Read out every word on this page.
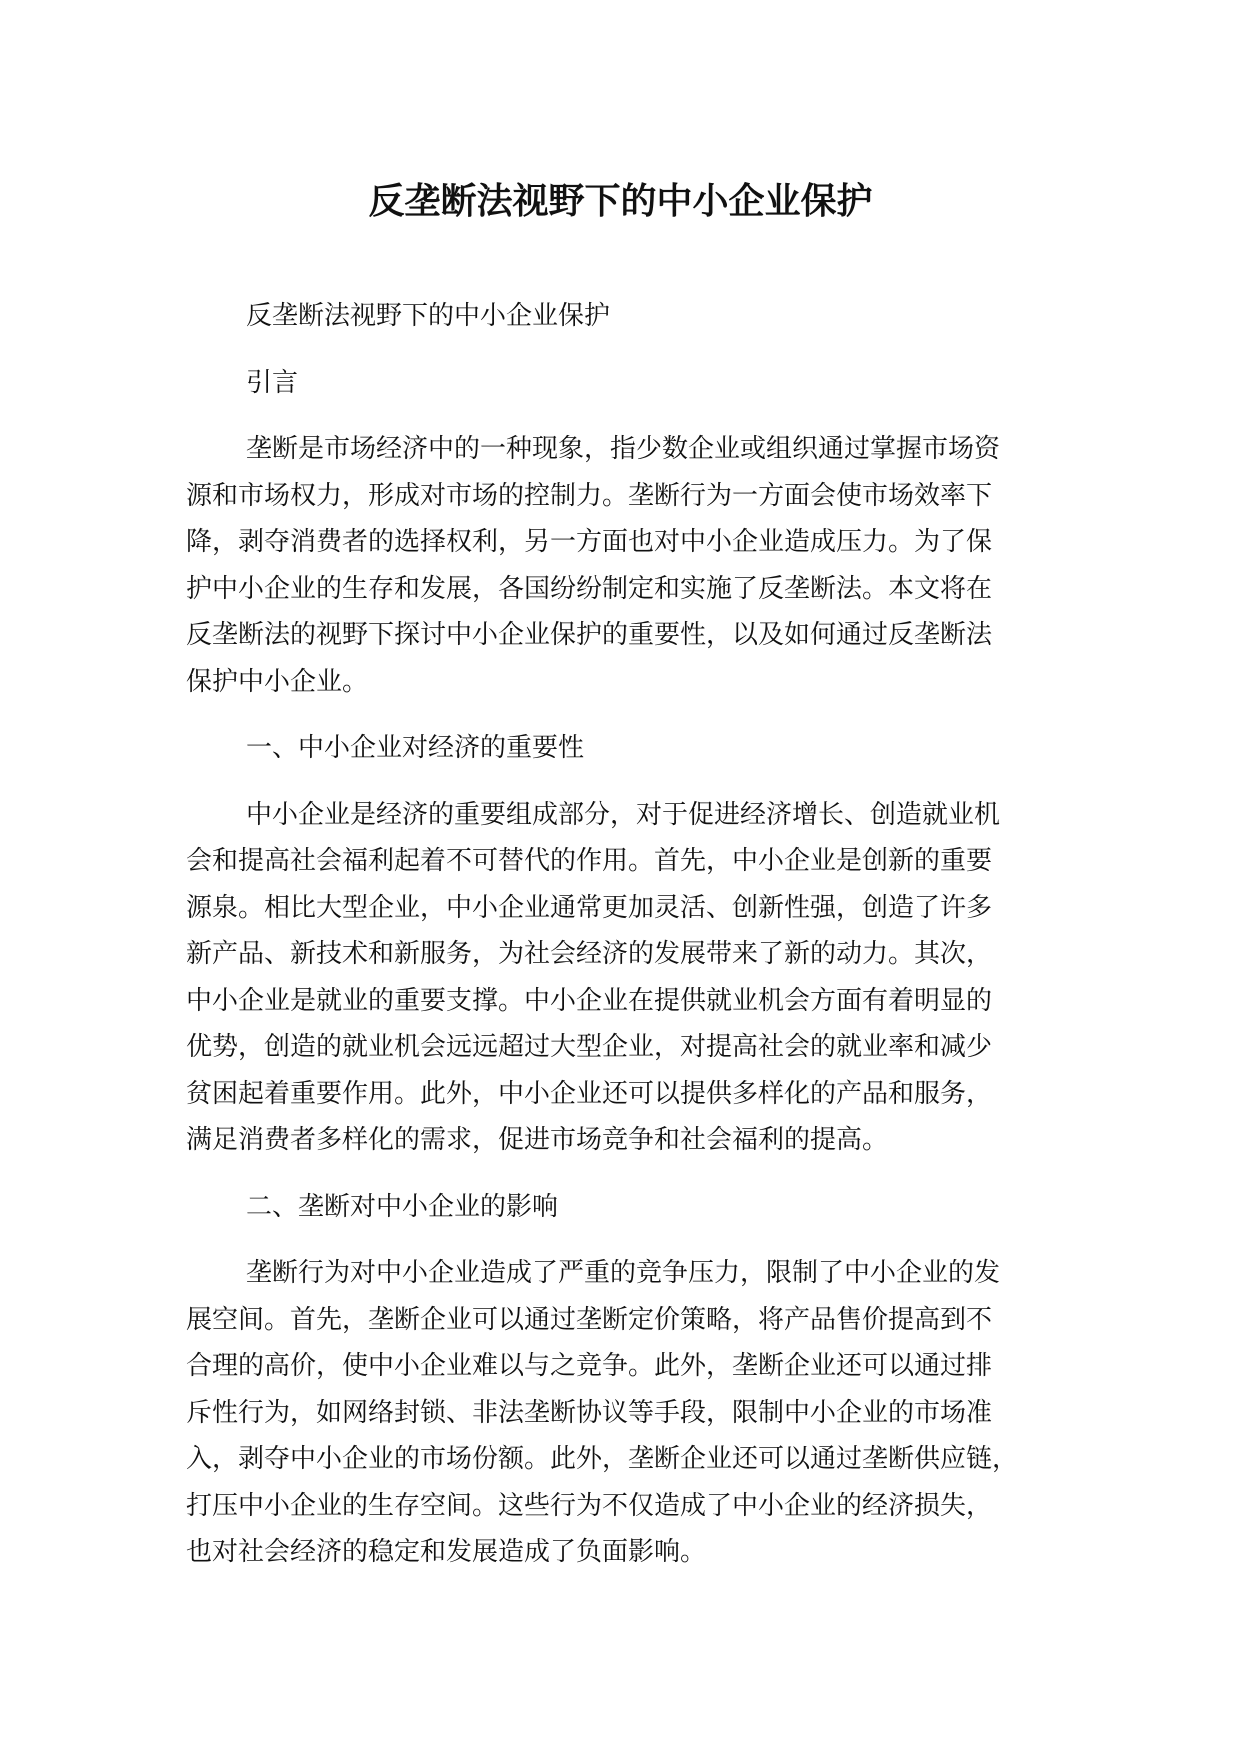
反垄断法视野下的中小企业保护

反垄断法视野下的中小企业保护

引言

垄断是市场经济中的一种现象，指少数企业或组织通过掌握市场资
源和市场权力，形成对市场的控制力。垄断行为一方面会使市场效率下
降，剥夺消费者的选择权利，另一方面也对中小企业造成压力。为了保
护中小企业的生存和发展，各国纷纷制定和实施了反垄断法。本文将在
反垄断法的视野下探讨中小企业保护的重要性，以及如何通过反垄断法
保护中小企业。

一、中小企业对经济的重要性

中小企业是经济的重要组成部分，对于促进经济增长、创造就业机
会和提高社会福利起着不可替代的作用。首先，中小企业是创新的重要
源泉。相比大型企业，中小企业通常更加灵活、创新性强，创造了许多
新产品、新技术和新服务，为社会经济的发展带来了新的动力。其次，
中小企业是就业的重要支撑。中小企业在提供就业机会方面有着明显的
优势，创造的就业机会远远超过大型企业，对提高社会的就业率和减少
贫困起着重要作用。此外，中小企业还可以提供多样化的产品和服务，
满足消费者多样化的需求，促进市场竞争和社会福利的提高。

二、垄断对中小企业的影响

垄断行为对中小企业造成了严重的竞争压力，限制了中小企业的发
展空间。首先，垄断企业可以通过垄断定价策略，将产品售价提高到不
合理的高价，使中小企业难以与之竞争。此外，垄断企业还可以通过排
斥性行为，如网络封锁、非法垄断协议等手段，限制中小企业的市场准
入，剥夺中小企业的市场份额。此外，垄断企业还可以通过垄断供应链，
打压中小企业的生存空间。这些行为不仅造成了中小企业的经济损失，
也对社会经济的稳定和发展造成了负面影响。
